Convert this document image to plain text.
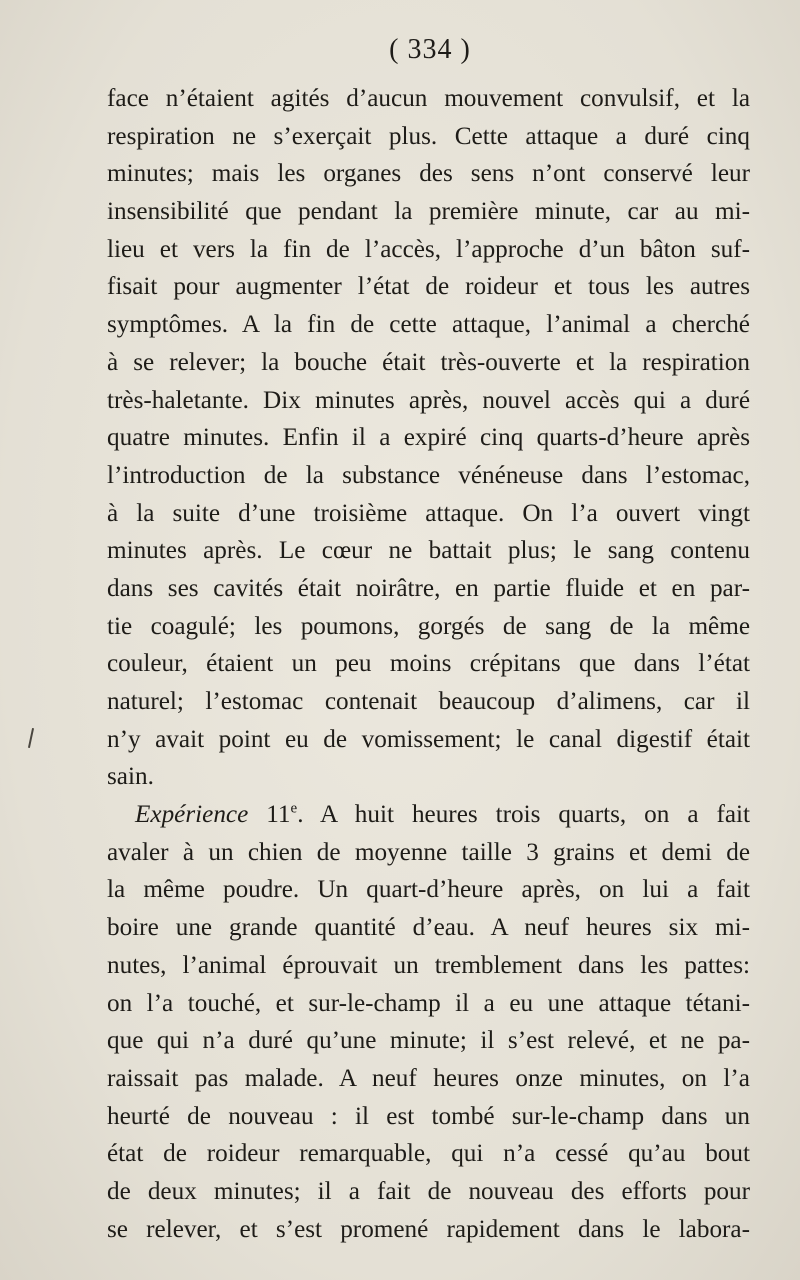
( 334 )
face n’étaient agités d’aucun mouvement convulsif, et la
respiration ne s’exerçait plus. Cette attaque a duré cinq
minutes; mais les organes des sens n’ont conservé leur
insensibilité que pendant la première minute, car au mi-
lieu et vers la fin de l’accès, l’approche d’un bâton suf-
fisait pour augmenter l’état de roideur et tous les autres
symptômes. A la fin de cette attaque, l’animal a cherché
à se relever; la bouche était très-ouverte et la respiration
très-haletante. Dix minutes après, nouvel accès qui a duré
quatre minutes. Enfin il a expiré cinq quarts-d’heure après
l’introduction de la substance vénéneuse dans l’estomac,
à la suite d’une troisième attaque. On l’a ouvert vingt
minutes après. Le cœur ne battait plus; le sang contenu
dans ses cavités était noirâtre, en partie fluide et en par-
tie coagulé; les poumons, gorgés de sang de la même
couleur, étaient un peu moins crépitans que dans l’état
naturel; l’estomac contenait beaucoup d’alimens, car il
n’y avait point eu de vomissement; le canal digestif était
sain.
Expérience 11e. A huit heures trois quarts, on a fait
avaler à un chien de moyenne taille 3 grains et demi de
la même poudre. Un quart-d’heure après, on lui a fait
boire une grande quantité d’eau. A neuf heures six mi-
nutes, l’animal éprouvait un tremblement dans les pattes:
on l’a touché, et sur-le-champ il a eu une attaque tétani-
que qui n’a duré qu’une minute; il s’est relevé, et ne pa-
raissait pas malade. A neuf heures onze minutes, on l’a
heurté de nouveau : il est tombé sur-le-champ dans un
état de roideur remarquable, qui n’a cessé qu’au bout
de deux minutes; il a fait de nouveau des efforts pour
se relever, et s’est promené rapidement dans le labora-
